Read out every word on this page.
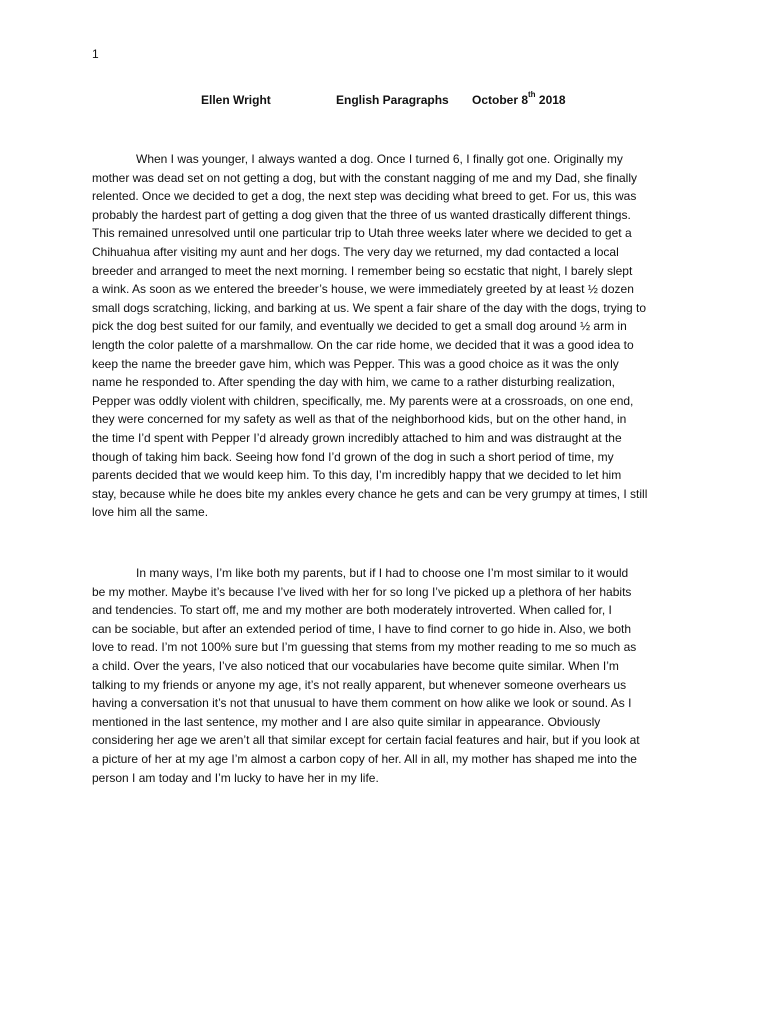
1
Ellen Wright	English Paragraphs October 8th 2018
When I was younger, I always wanted a dog. Once I turned 6, I finally got one. Originally my
mother was dead set on not getting a dog, but with the constant nagging of me and my Dad, she finally
relented. Once we decided to get a dog, the next step was deciding what breed to get. For us, this was
probably the hardest part of getting a dog given that the three of us wanted drastically different things.
This remained unresolved until one particular trip to Utah three weeks later where we decided to get a
Chihuahua after visiting my aunt and her dogs. The very day we returned, my dad contacted a local
breeder and arranged to meet the next morning. I remember being so ecstatic that night, I barely slept
a wink. As soon as we entered the breeder’s house, we were immediately greeted by at least ½ dozen
small dogs scratching, licking, and barking at us. We spent a fair share of the day with the dogs, trying to
pick the dog best suited for our family, and eventually we decided to get a small dog around ½ arm in
length the color palette of a marshmallow. On the car ride home, we decided that it was a good idea to
keep the name the breeder gave him, which was Pepper. This was a good choice as it was the only
name he responded to. After spending the day with him, we came to a rather disturbing realization,
Pepper was oddly violent with children, specifically, me. My parents were at a crossroads, on one end,
they were concerned for my safety as well as that of the neighborhood kids, but on the other hand, in
the time I’d spent with Pepper I’d already grown incredibly attached to him and was distraught at the
though of taking him back. Seeing how fond I’d grown of the dog in such a short period of time, my
parents decided that we would keep him. To this day, I’m incredibly happy that we decided to let him
stay, because while he does bite my ankles every chance he gets and can be very grumpy at times, I still
love him all the same.
In many ways, I’m like both my parents, but if I had to choose one I’m most similar to it would
be my mother. Maybe it’s because I’ve lived with her for so long I’ve picked up a plethora of her habits
and tendencies. To start off, me and my mother are both moderately introverted. When called for, I
can be sociable, but after an extended period of time, I have to find corner to go hide in. Also, we both
love to read. I’m not 100% sure but I’m guessing that stems from my mother reading to me so much as
a child. Over the years, I’ve also noticed that our vocabularies have become quite similar. When I’m
talking to my friends or anyone my age, it’s not really apparent, but whenever someone overhears us
having a conversation it’s not that unusual to have them comment on how alike we look or sound. As I
mentioned in the last sentence, my mother and I are also quite similar in appearance. Obviously
considering her age we aren’t all that similar except for certain facial features and hair, but if you look at
a picture of her at my age I’m almost a carbon copy of her. All in all, my mother has shaped me into the
person I am today and I’m lucky to have her in my life.
